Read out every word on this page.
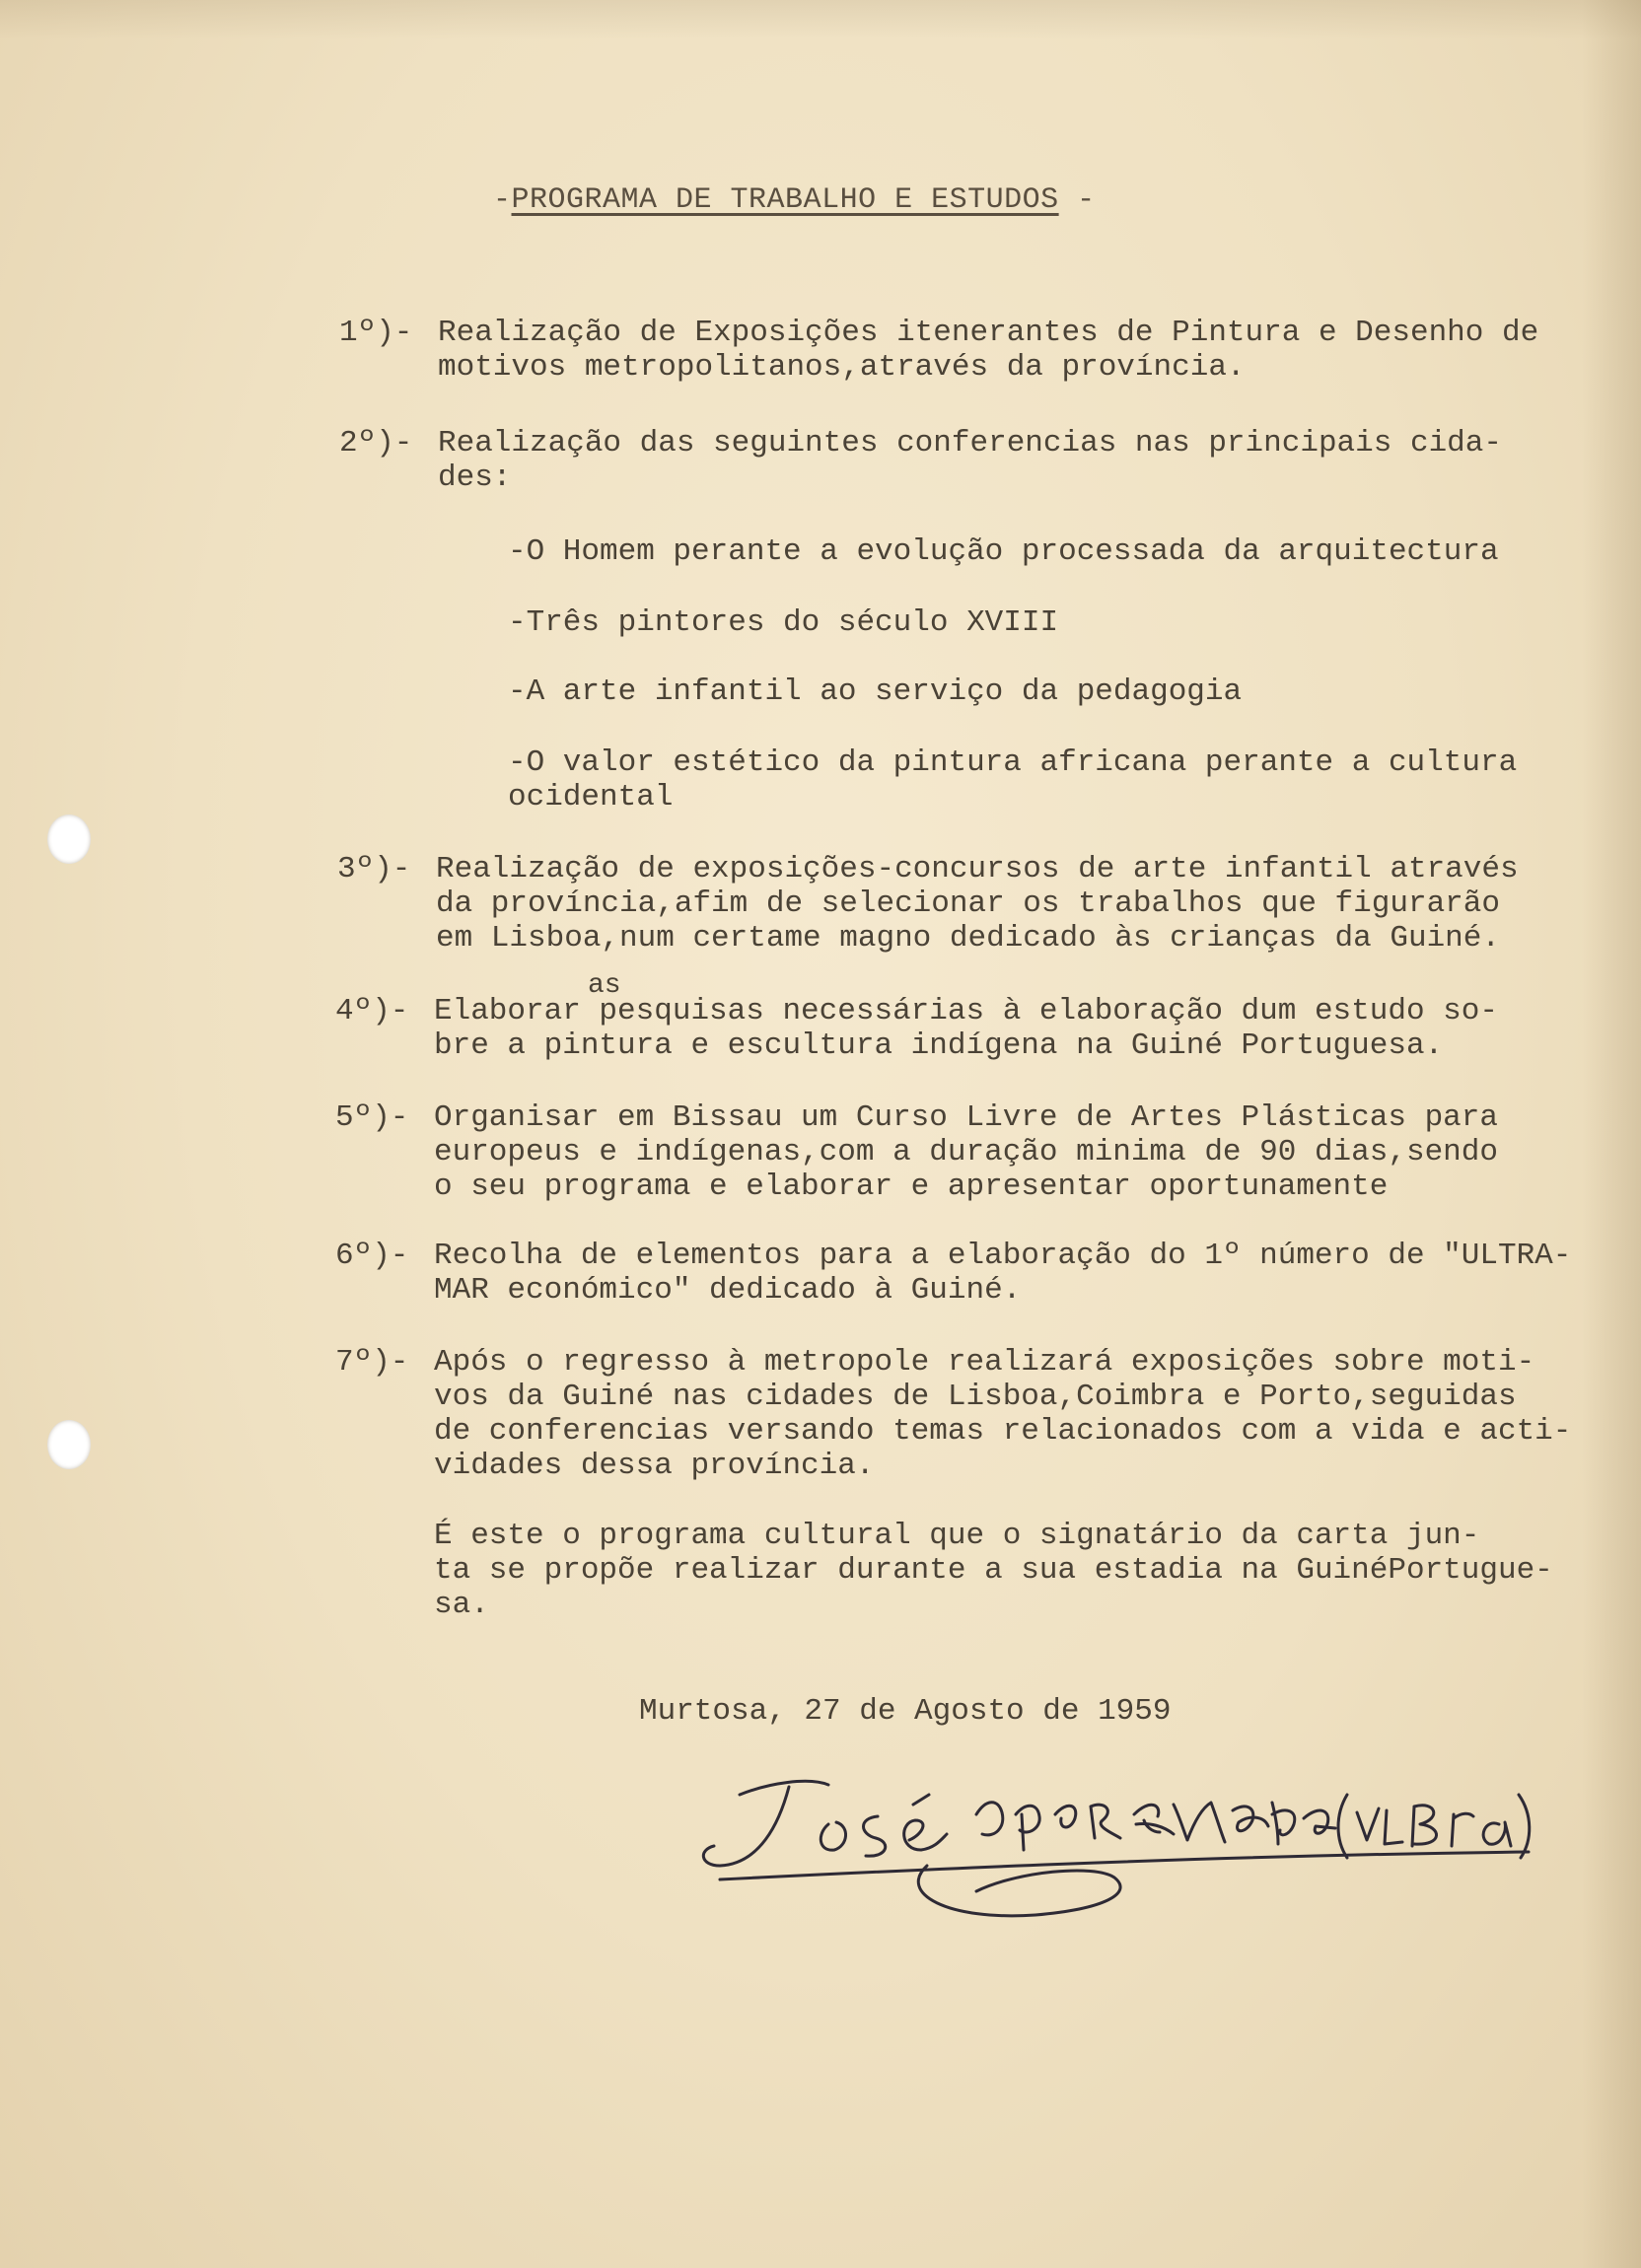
-PROGRAMA DE TRABALHO E ESTUDOS -
1º)- Realização de Exposições itenerantes de Pintura e Desenho de
motivos metropolitanos,através da província.
2º)- Realização das seguintes conferencias nas principais cida-
des:
-O Homem perante a evolução processada da arquitectura
-Três pintores do século XVIII
-A arte infantil ao serviço da pedagogia
-O valor estético da pintura africana perante a cultura
ocidental
3º)- Realização de exposições-concursos de arte infantil através
da província,afim de selecionar os trabalhos que figurarão
em Lisboa,num certame magno dedicado às crianças da Guiné.
as
4º)- Elaborar pesquisas necessárias à elaboração dum estudo so-
bre a pintura e escultura indígena na Guiné Portuguesa.
5º)- Organisar em Bissau um Curso Livre de Artes Plásticas para
europeus e indígenas,com a duração minima de 90 dias,sendo
o seu programa e elaborar e apresentar oportunamente
6º)- Recolha de elementos para a elaboração do 1º número de "ULTRA-
MAR económico" dedicado à Guiné.
7º)- Após o regresso à metropole realizará exposições sobre moti-
vos da Guiné nas cidades de Lisboa,Coimbra e Porto,seguidas
de conferencias versando temas relacionados com a vida e acti-
vidades dessa província.
É este o programa cultural que o signatário da carta jun-
ta se propõe realizar durante a sua estadia na GuinéPortugue-
sa.
Murtosa, 27 de Agosto de 1959
